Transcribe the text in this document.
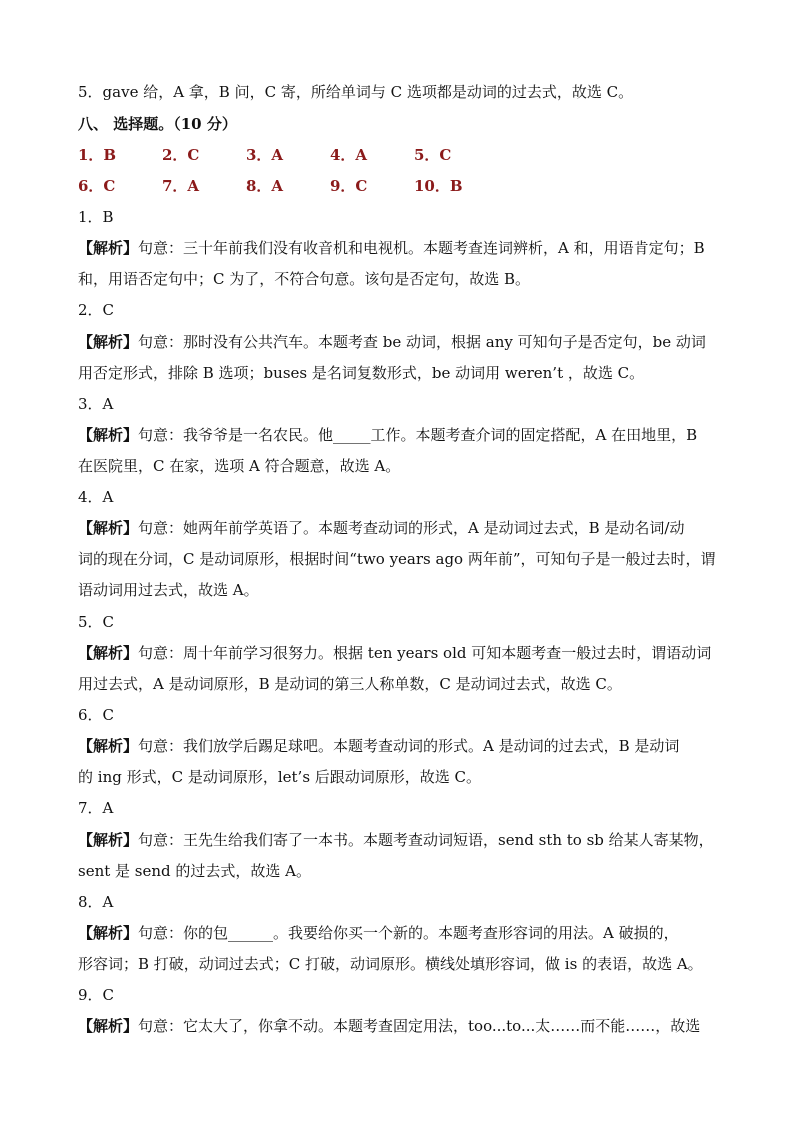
5．gave 给，A 拿，B 问，C 寄，所给单词与 C 选项都是动词的过去式，故选 C。
八、 选择题。（10 分）
1．B	2．C	3．A	4．A	5．C
6．C	7．A	8．A	9．C	10．B
1．B
【解析】句意：三十年前我们没有收音机和电视机。本题考查连词辨析，A 和，用语肯定句；B
和，用语否定句中；C 为了，不符合句意。该句是否定句，故选 B。
2．C
【解析】句意：那时没有公共汽车。本题考查 be 动词，根据 any 可知句子是否定句，be 动词
用否定形式，排除 B 选项；buses 是名词复数形式，be 动词用 weren’t ，故选 C。
3．A
【解析】句意：我爷爷是一名农民。他_____工作。本题考查介词的固定搭配，A 在田地里，B
在医院里，C 在家，选项 A 符合题意，故选 A。
4．A
【解析】句意：她两年前学英语了。本题考查动词的形式，A 是动词过去式，B 是动名词/动
词的现在分词，C 是动词原形，根据时间“two years ago 两年前”，可知句子是一般过去时，谓
语动词用过去式，故选 A。
5．C
【解析】句意：周十年前学习很努力。根据 ten years old 可知本题考查一般过去时，谓语动词
用过去式，A 是动词原形，B 是动词的第三人称单数，C 是动词过去式，故选 C。
6．C
【解析】句意：我们放学后踢足球吧。本题考查动词的形式。A 是动词的过去式，B 是动词
的 ing 形式，C 是动词原形，let’s 后跟动词原形，故选 C。
7．A
【解析】句意：王先生给我们寄了一本书。本题考查动词短语，send sth to sb 给某人寄某物，
sent 是 send 的过去式，故选 A。
8．A
【解析】句意：你的包______。我要给你买一个新的。本题考查形容词的用法。A 破损的，
形容词；B 打破，动词过去式；C 打破，动词原形。横线处填形容词，做 is 的表语，故选 A。
9．C
【解析】句意：它太大了，你拿不动。本题考查固定用法，too...to...太……而不能……，故选
